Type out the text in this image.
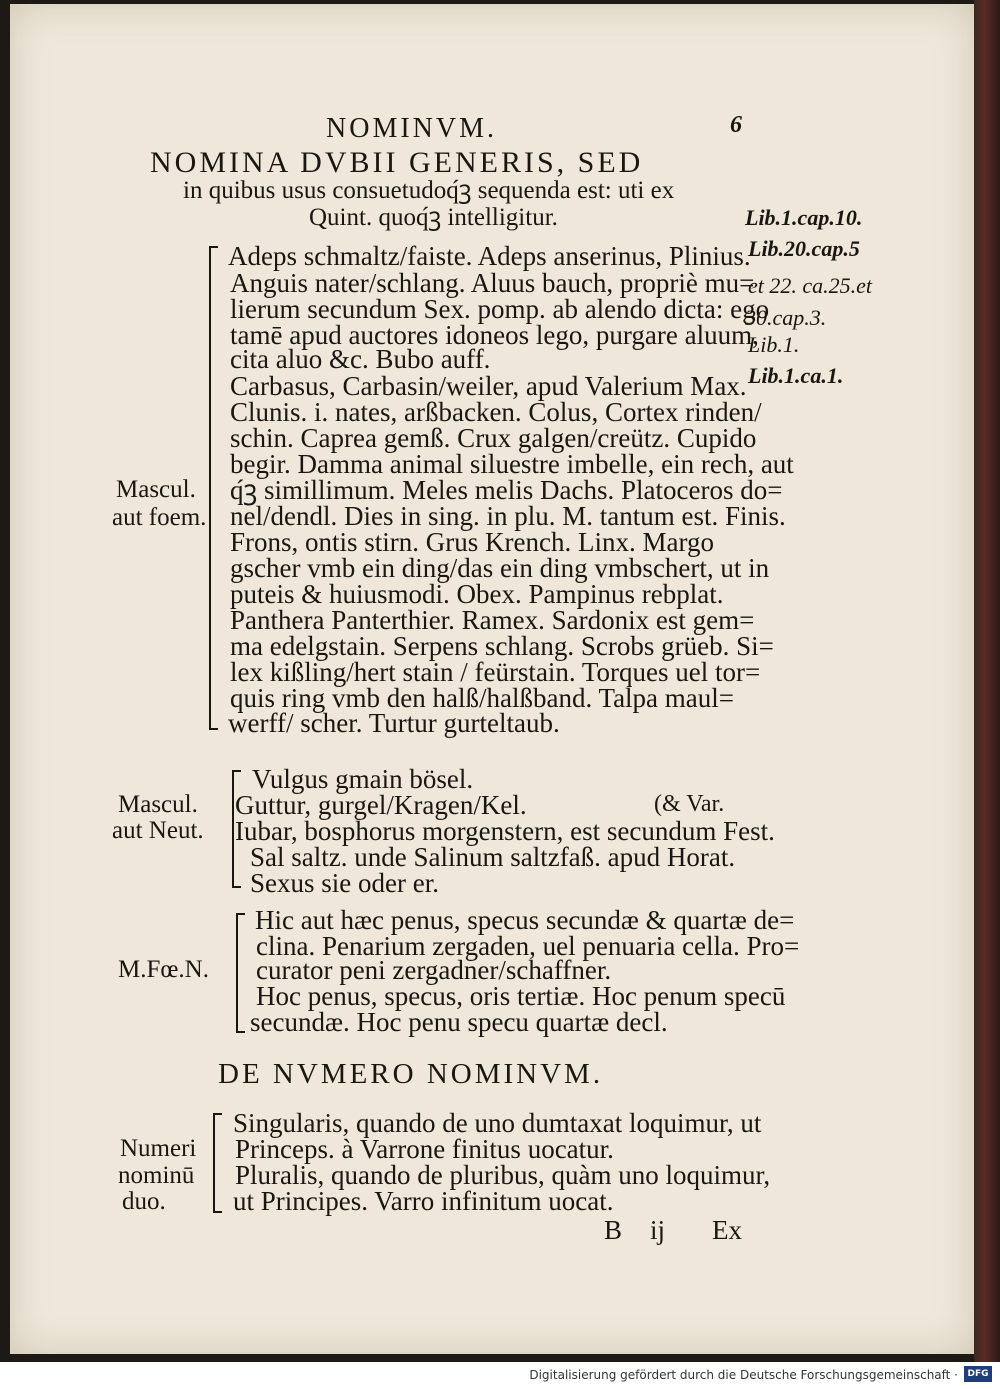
NOMINVM.	6
NOMINA DVBII GENERIS, SED
in quibus usus consuetudoq́ꝫ sequenda est: uti ex
Quint. quoq́ꝫ intelligitur.	Lib.1.cap.10.
Lib.20.cap.5
et 22. ca.25.et
30.cap.3.
Lib.1.
Lib.1.ca.1.
Mascul.
aut foem.
Adeps schmaltz/faiste. Adeps anserinus, Plinius.
Anguis nater/schlang. Aluus bauch, propriè mu=
lierum secundum Sex. pomp. ab alendo dicta: ego
tamē apud auctores idoneos lego, purgare aluum,
cita aluo &c. Bubo auff.
Carbasus, Carbasin/weiler, apud Valerium Max.
Clunis. i. nates, arßbacken. Colus, Cortex rinden/
schin. Caprea gemß. Crux galgen/creütz. Cupido
begir. Damma animal siluestre imbelle, ein rech, aut
q́ꝫ simillimum. Meles melis Dachs. Platoceros do=
nel/dendl. Dies in sing. in plu. M. tantum est. Finis.
Frons, ontis stirn. Grus Krench. Linx. Margo
gscher vmb ein ding/das ein ding vmbschert, ut in
puteis & huiusmodi. Obex. Pampinus rebplat.
Panthera Panterthier. Ramex. Sardonix est gem=
ma edelgstain. Serpens schlang. Scrobs grüeb. Si=
lex kißling/hert stain / feürstain. Torques uel tor=
quis ring vmb den halß/halßband. Talpa maul=
werff/ scher. Turtur gurteltaub.
Mascul.
aut Neut.
(& Var.
Vulgus gmain bösel.
Guttur, gurgel/Kragen/Kel.
Iubar, bosphorus morgenstern, est secundum Fest.
Sal saltz. unde Salinum saltzfaß. apud Horat.
Sexus sie oder er.
M.Fœ.N.
Hic aut hæc penus, specus secundæ & quartæ de=
clina. Penarium zergaden, uel penuaria cella. Pro=
curator peni zergadner/schaffner.
Hoc penus, specus, oris tertiæ. Hoc penum specū
secundæ. Hoc penu specu quartæ decl.
DE NVMERO NOMINVM.
Numeri
nominū
duo.
Singularis, quando de uno dumtaxat loquimur, ut
Princeps. à Varrone finitus uocatur.
Pluralis, quando de pluribus, quàm uno loquimur,
ut Principes. Varro infinitum uocat.
B ij Ex
Digitalisierung gefördert durch die Deutsche Forschungsgemeinschaft ·	DFG
